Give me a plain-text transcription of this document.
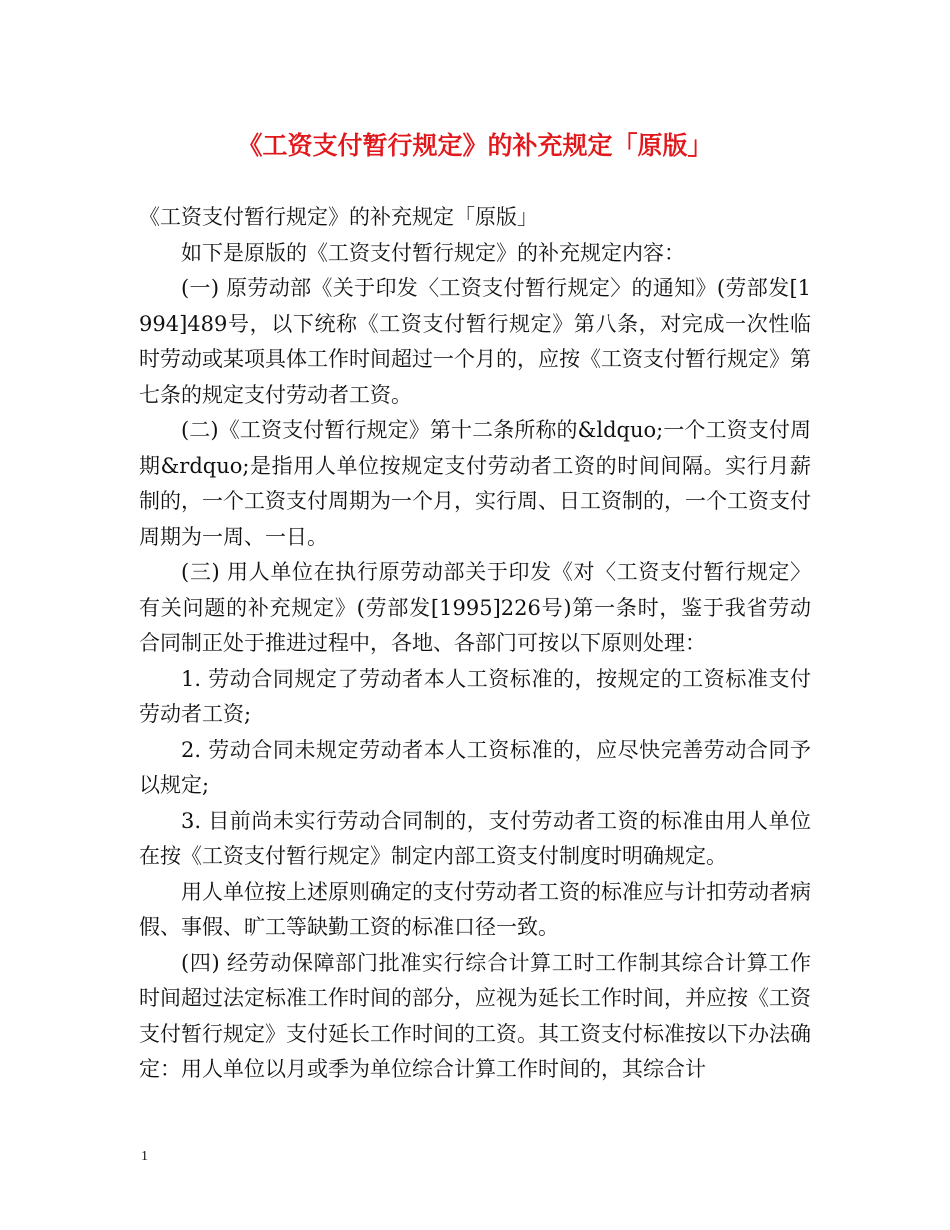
《工资支付暂行规定》的补充规定「原版」

《工资支付暂行规定》的补充规定「原版」

如下是原版的《工资支付暂行规定》的补充规定内容：

(一) 原劳动部《关于印发〈工资支付暂行规定〉的通知》(劳部发[1994]489号，以下统称《工资支付暂行规定》第八条，对完成一次性临时劳动或某项具体工作时间超过一个月的，应按《工资支付暂行规定》第七条的规定支付劳动者工资。

(二)《工资支付暂行规定》第十二条所称的&ldquo;一个工资支付周期&rdquo;是指用人单位按规定支付劳动者工资的时间间隔。实行月薪制的，一个工资支付周期为一个月，实行周、日工资制的，一个工资支付周期为一周、一日。

(三) 用人单位在执行原劳动部关于印发《对〈工资支付暂行规定〉有关问题的补充规定》(劳部发[1995]226号)第一条时，鉴于我省劳动合同制正处于推进过程中，各地、各部门可按以下原则处理：

1. 劳动合同规定了劳动者本人工资标准的，按规定的工资标准支付劳动者工资;

2. 劳动合同未规定劳动者本人工资标准的，应尽快完善劳动合同予以规定;

3. 目前尚未实行劳动合同制的，支付劳动者工资的标准由用人单位在按《工资支付暂行规定》制定内部工资支付制度时明确规定。

用人单位按上述原则确定的支付劳动者工资的标准应与计扣劳动者病假、事假、旷工等缺勤工资的标准口径一致。

(四) 经劳动保障部门批准实行综合计算工时工作制其综合计算工作时间超过法定标准工作时间的部分，应视为延长工作时间，并应按《工资支付暂行规定》支付延长工作时间的工资。其工资支付标准按以下办法确定：用人单位以月或季为单位综合计算工作时间的，其综合计

1
